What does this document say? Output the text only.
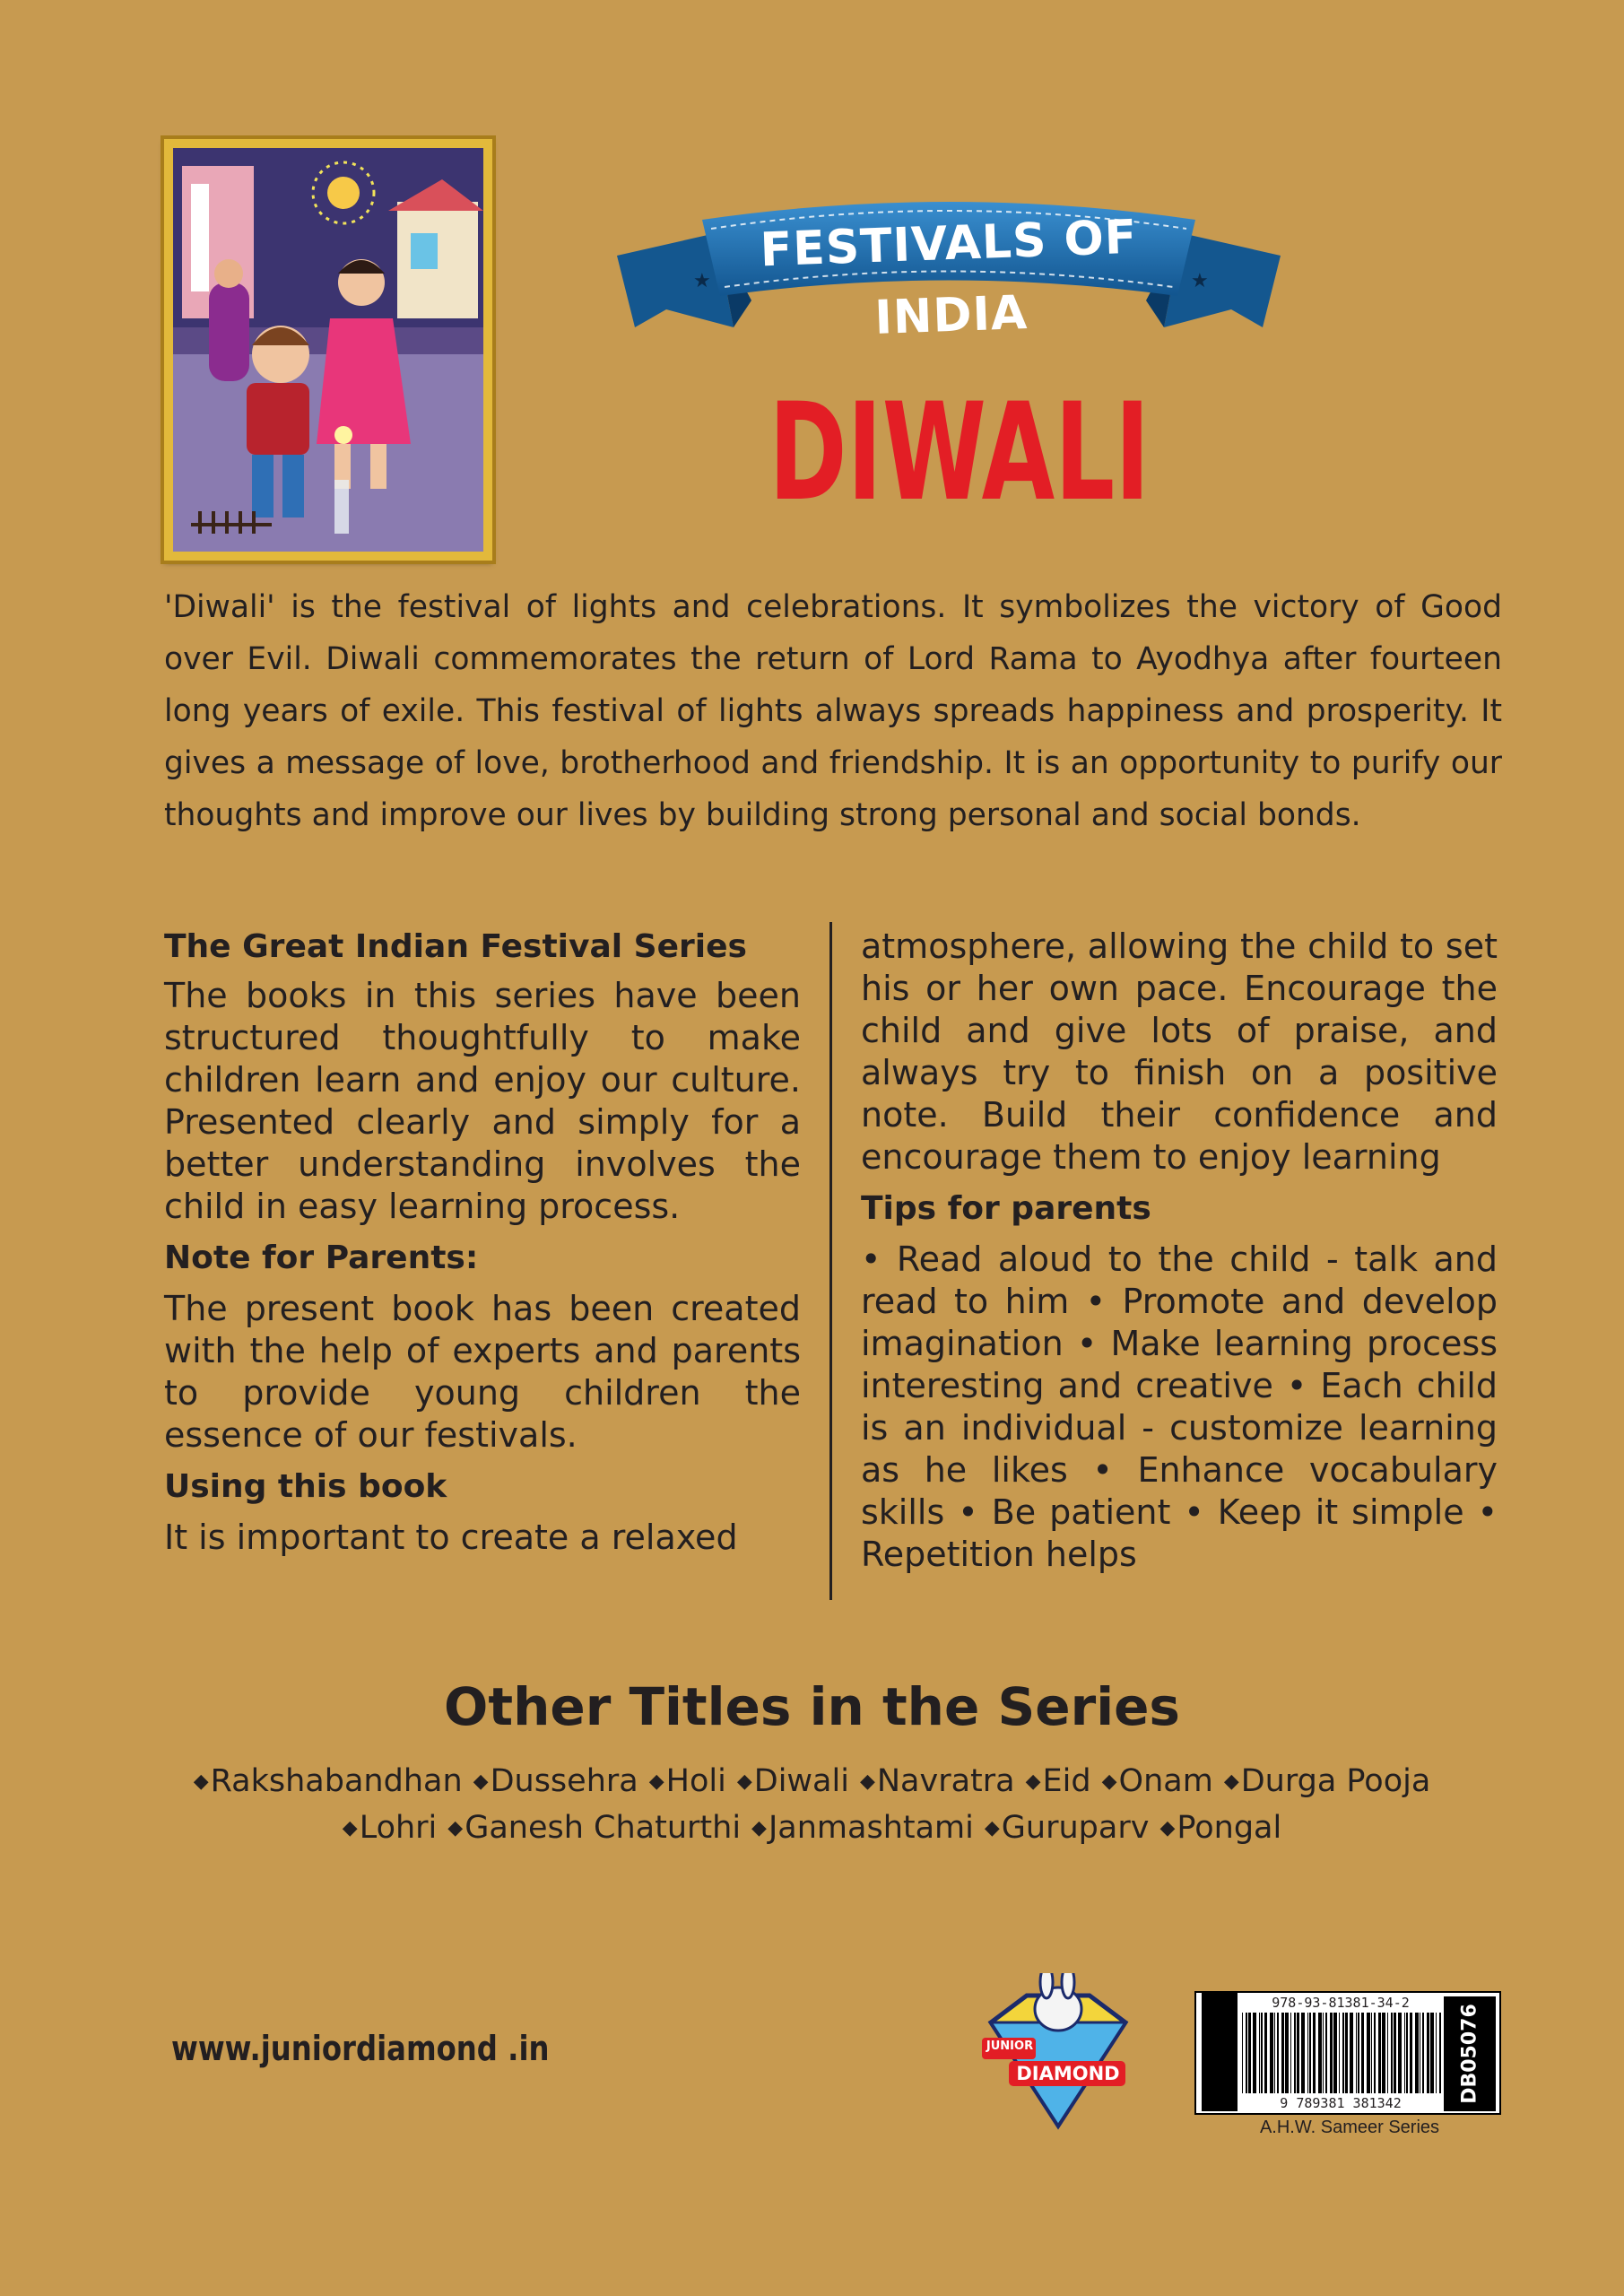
★	★
FESTIVALS OF INDIA
DIWALI
'Diwali' is the festival of lights and celebrations. It symbolizes the victory of Good over Evil. Diwali commemorates the return of Lord Rama to Ayodhya after fourteen long years of exile. This festival of lights always spreads happiness and prosperity. It gives a message of love, brotherhood and friendship. It is an opportunity to purify our thoughts and improve our lives by building strong personal and social bonds.
The Great Indian Festival Series

The books in this series have been structured thoughtfully to make children learn and enjoy our culture. Presented clearly and simply for a better understanding involves the child in easy learning process.

Note for Parents:

The present book has been created with the help of experts and parents to provide young children the essence of our festivals.

Using this book

It is important to create a relaxed

atmosphere, allowing the child to set his or her own pace. Encourage the child and give lots of praise, and always try to finish on a positive note. Build their confidence and encourage them to enjoy learning

Tips for parents

• Read aloud to the child - talk and read to him • Promote and develop imagination • Make learning process interesting and creative • Each child is an individual - customize learning as he likes • Enhance vocabulary skills • Be patient • Keep it simple • Repetition helps

Other Titles in the Series
◆Rakshabandhan ◆Dussehra ◆Holi ◆Diwali ◆Navratra ◆Eid ◆Onam ◆Durga Pooja
◆Lohri ◆Ganesh Chaturthi ◆Janmashtami ◆Guruparv ◆Pongal
www.juniordiamond .in	JUNIOR
DIAMOND
978-93-81381-34-2
9 789381 381342	DB05076
A.H.W. Sameer Series
